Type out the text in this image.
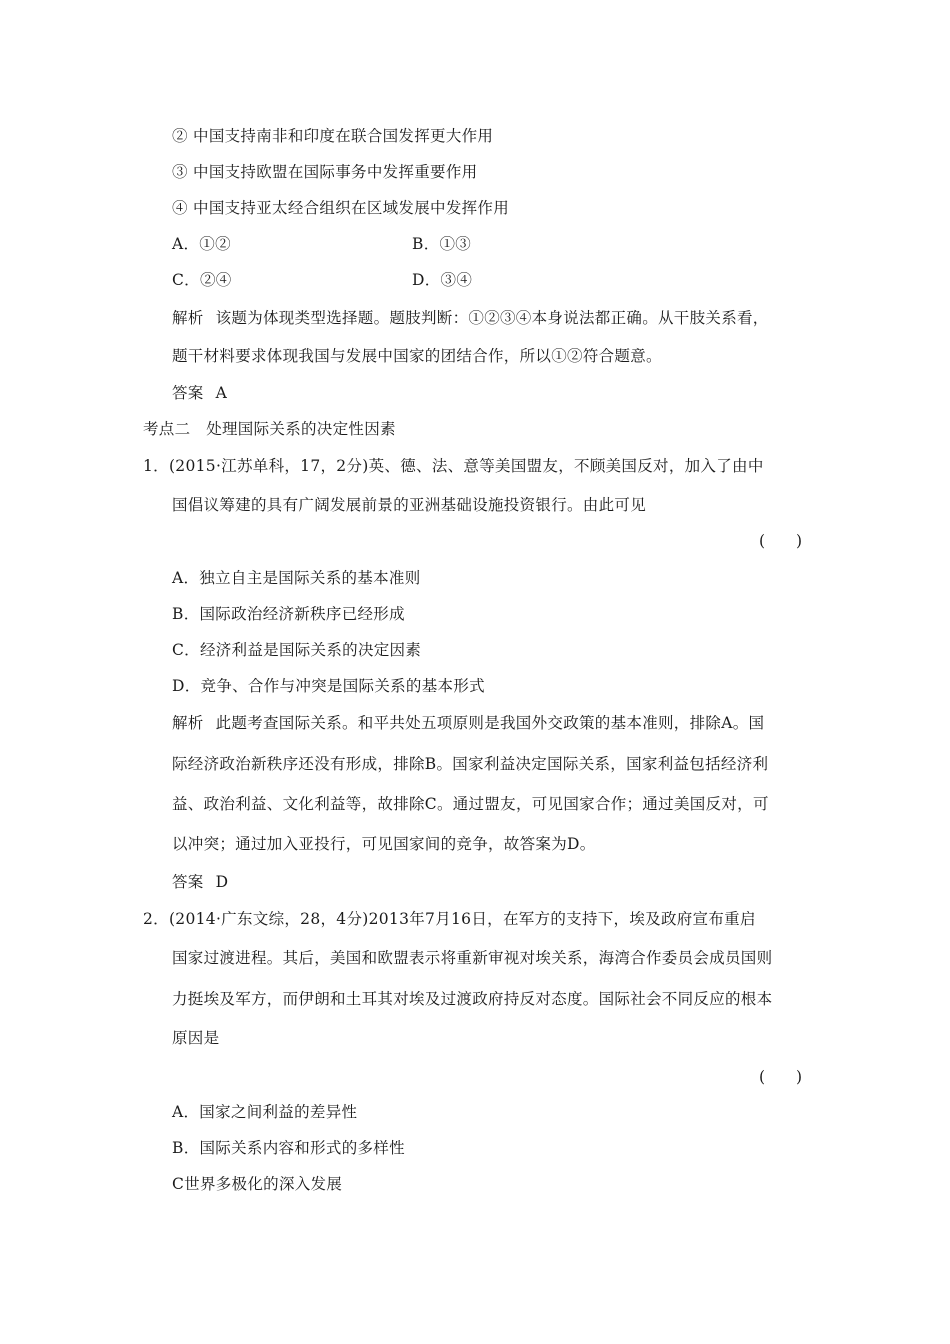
② 中国支持南非和印度在联合国发挥更大作用
③ 中国支持欧盟在国际事务中发挥重要作用
④ 中国支持亚太经合组织在区域发展中发挥作用
A．①②	B．①③
C．②④	D．③④
解析 该题为体现类型选择题。题肢判断：①②③④本身说法都正确。从干肢关系看，
题干材料要求体现我国与发展中国家的团结合作，所以①②符合题意。
答案 A
考点二　处理国际关系的决定性因素
1．(2015·江苏单科，17，2分)英、德、法、意等美国盟友，不顾美国反对，加入了由中
国倡议筹建的具有广阔发展前景的亚洲基础设施投资银行。由此可见
(　　)
A．独立自主是国际关系的基本准则
B．国际政治经济新秩序已经形成
C．经济利益是国际关系的决定因素
D．竞争、合作与冲突是国际关系的基本形式
解析 此题考查国际关系。和平共处五项原则是我国外交政策的基本准则，排除A。国
际经济政治新秩序还没有形成，排除B。国家利益决定国际关系，国家利益包括经济利
益、政治利益、文化利益等，故排除C。通过盟友，可见国家合作；通过美国反对，可
以冲突；通过加入亚投行，可见国家间的竞争，故答案为D。
答案 D
2．(2014·广东文综，28，4分)2013年7月16日，在军方的支持下，埃及政府宣布重启
国家过渡进程。其后，美国和欧盟表示将重新审视对埃关系，海湾合作委员会成员国则
力挺埃及军方，而伊朗和土耳其对埃及过渡政府持反对态度。国际社会不同反应的根本
原因是
(　　)
A．国家之间利益的差异性
B．国际关系内容和形式的多样性
C世界多极化的深入发展
